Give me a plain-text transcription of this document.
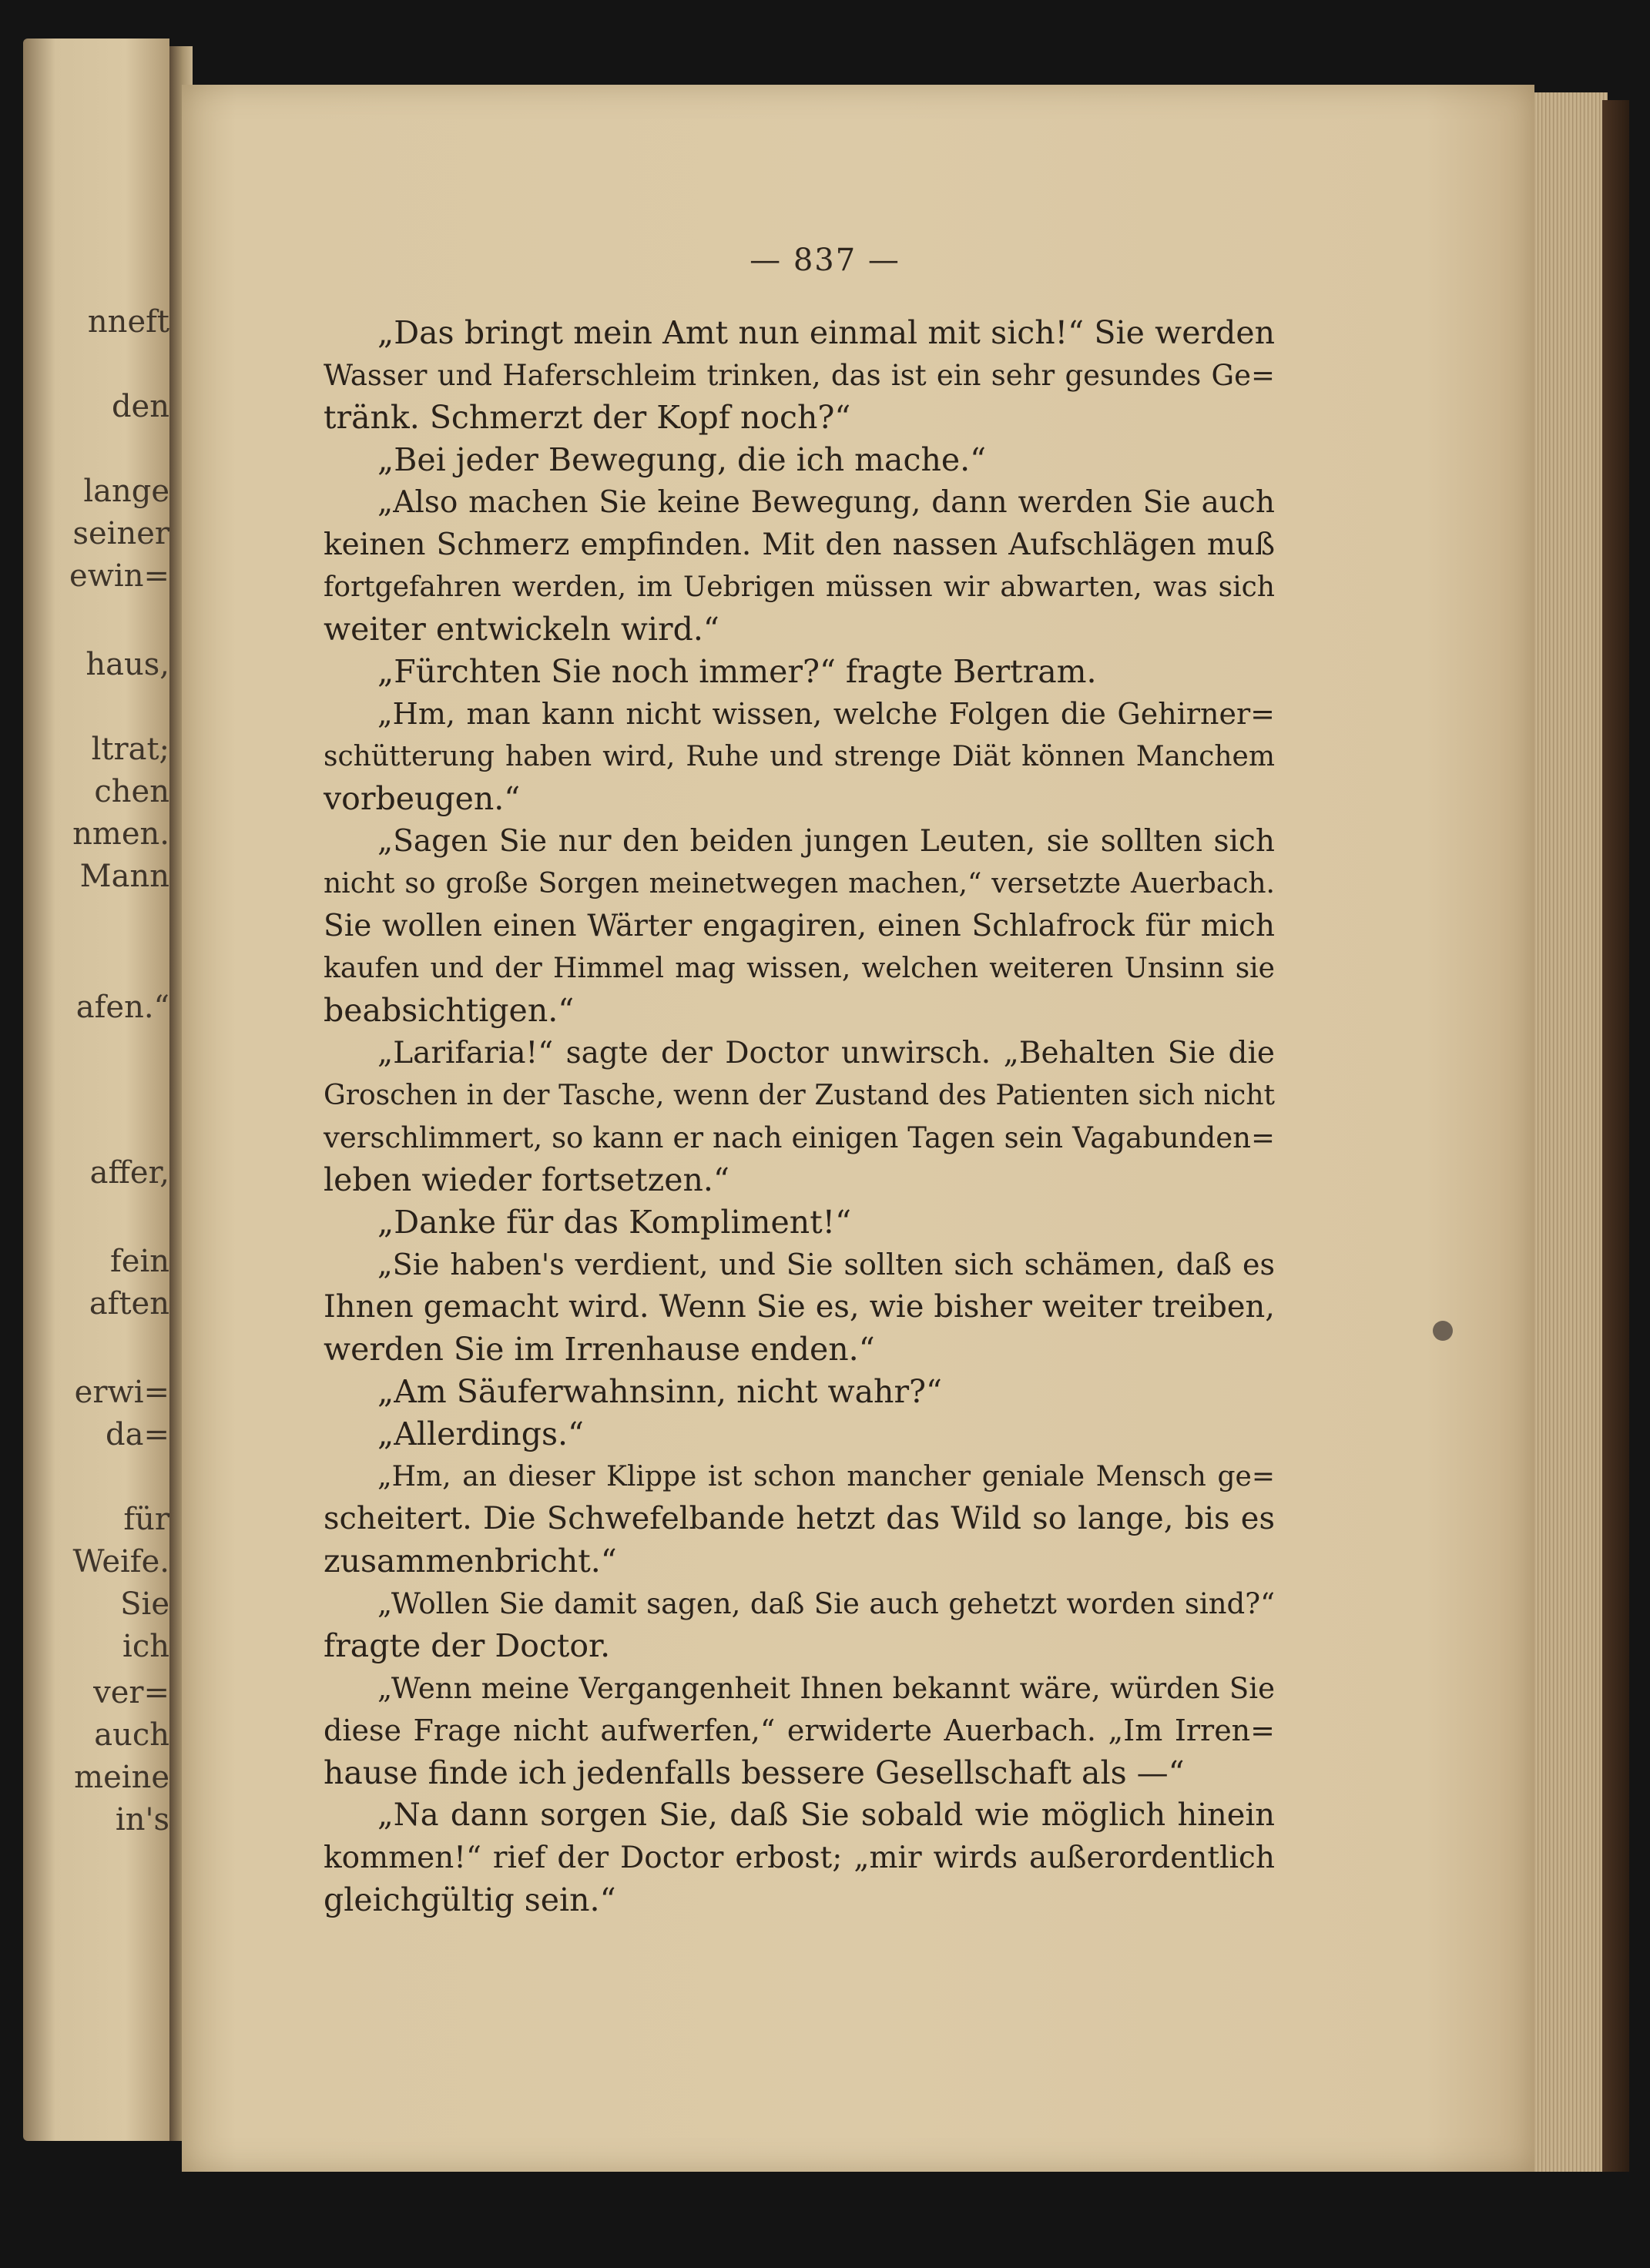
nneft
den
lange
seiner
ewin=
haus,
ltrat;
chen
nmen.
Mann
afen.“
affer,
fein
aften
erwi=
da=
für
Weife.
Sie
ich
ver=
auch
meine
in's
— 837 —
„Das bringt mein Amt nun einmal mit sich!“ Sie werden
Wasser und Haferschleim trinken, das ist ein sehr gesundes Ge=
tränk. Schmerzt der Kopf noch?“
„Bei jeder Bewegung, die ich mache.“
„Also machen Sie keine Bewegung, dann werden Sie auch
keinen Schmerz empfinden. Mit den nassen Aufschlägen muß
fortgefahren werden, im Uebrigen müssen wir abwarten, was sich
weiter entwickeln wird.“
„Fürchten Sie noch immer?“ fragte Bertram.
„Hm, man kann nicht wissen, welche Folgen die Gehirner=
schütterung haben wird, Ruhe und strenge Diät können Manchem
vorbeugen.“
„Sagen Sie nur den beiden jungen Leuten, sie sollten sich
nicht so große Sorgen meinetwegen machen,“ versetzte Auerbach.
Sie wollen einen Wärter engagiren, einen Schlafrock für mich
kaufen und der Himmel mag wissen, welchen weiteren Unsinn sie
beabsichtigen.“
„Larifaria!“ sagte der Doctor unwirsch. „Behalten Sie die
Groschen in der Tasche, wenn der Zustand des Patienten sich nicht
verschlimmert, so kann er nach einigen Tagen sein Vagabunden=
leben wieder fortsetzen.“
„Danke für das Kompliment!“
„Sie haben's verdient, und Sie sollten sich schämen, daß es
Ihnen gemacht wird. Wenn Sie es, wie bisher weiter treiben,
werden Sie im Irrenhause enden.“
„Am Säuferwahnsinn, nicht wahr?“
„Allerdings.“
„Hm, an dieser Klippe ist schon mancher geniale Mensch ge=
scheitert. Die Schwefelbande hetzt das Wild so lange, bis es
zusammenbricht.“
„Wollen Sie damit sagen, daß Sie auch gehetzt worden sind?“
fragte der Doctor.
„Wenn meine Vergangenheit Ihnen bekannt wäre, würden Sie
diese Frage nicht aufwerfen,“ erwiderte Auerbach. „Im Irren=
hause finde ich jedenfalls bessere Gesellschaft als —“
„Na dann sorgen Sie, daß Sie sobald wie möglich hinein
kommen!“ rief der Doctor erbost; „mir wirds außerordentlich
gleichgültig sein.“
